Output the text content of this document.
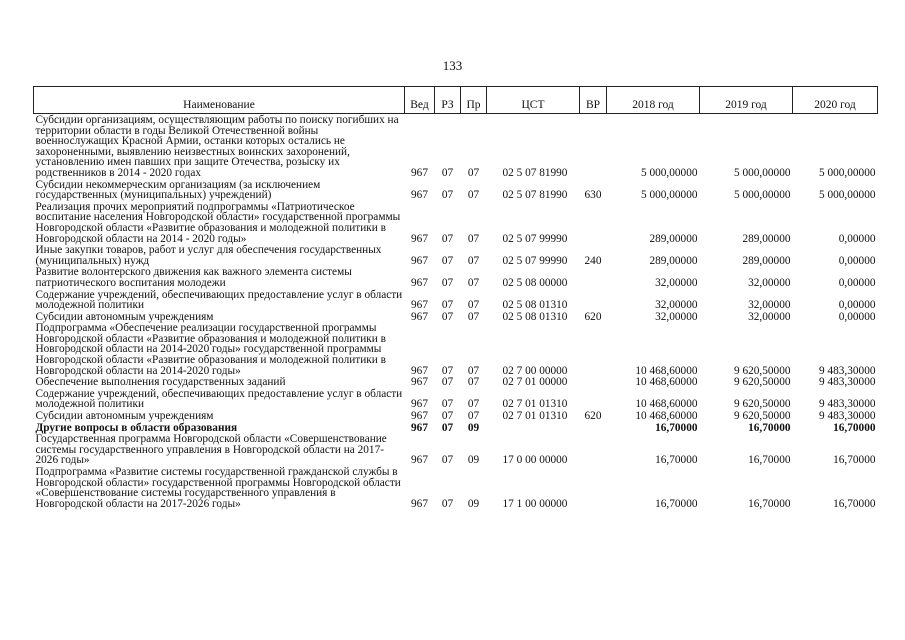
133
Наименование	Вед	РЗ	Пр	ЦСТ	ВР	2018 год	2019 год	2020 год
Субсидии организациям, осуществляющим работы по поиску погибших на территории области в годы Великой Отечественной войны военнослужащих Красной Армии, останки которых остались не захороненными, выявлению неизвестных воинских захоронений, установлению имен павших при защите Отечества, розыску их родственников в 2014 - 2020 годах	967	07	07	02 5 07 81990		5 000,00000	5 000,00000	5 000,00000
Субсидии некоммерческим организациям (за исключением государственных (муниципальных) учреждений)	967	07	07	02 5 07 81990	630	5 000,00000	5 000,00000	5 000,00000
Реализация прочих мероприятий подпрограммы «Патриотическое воспитание населения Новгородской области» государственной программы Новгородской области «Развитие образования и молодежной политики в Новгородской области на 2014 - 2020 годы»	967	07	07	02 5 07 99990		289,00000	289,00000	0,00000
Иные закупки товаров, работ и услуг для обеспечения государственных (муниципальных) нужд	967	07	07	02 5 07 99990	240	289,00000	289,00000	0,00000
Развитие волонтерского движения как важного элемента системы патриотического воспитания молодежи	967	07	07	02 5 08 00000		32,00000	32,00000	0,00000
Содержание учреждений, обеспечивающих предоставление услуг в области молодежной политики	967	07	07	02 5 08 01310		32,00000	32,00000	0,00000
Субсидии автономным учреждениям	967	07	07	02 5 08 01310	620	32,00000	32,00000	0,00000
Подпрограмма «Обеспечение реализации государственной программы Новгородской области «Развитие образования и молодежной политики в Новгородской области на 2014-2020 годы» государственной программы Новгородской области «Развитие образования и молодежной политики в Новгородской области на 2014-2020 годы»	967	07	07	02 7 00 00000		10 468,60000	9 620,50000	9 483,30000
Обеспечение выполнения государственных заданий	967	07	07	02 7 01 00000		10 468,60000	9 620,50000	9 483,30000
Содержание учреждений, обеспечивающих предоставление услуг в области молодежной политики	967	07	07	02 7 01 01310		10 468,60000	9 620,50000	9 483,30000
Субсидии автономным учреждениям	967	07	07	02 7 01 01310	620	10 468,60000	9 620,50000	9 483,30000
Другие вопросы в области образования	967	07	09			16,70000	16,70000	16,70000
Государственная программа Новгородской области «Совершенствование системы государственного управления в Новгородской области на 2017-2026 годы»	967	07	09	17 0 00 00000		16,70000	16,70000	16,70000
Подпрограмма «Развитие системы государственной гражданской службы в Новгородской области» государственной программы Новгородской области «Совершенствование системы государственного управления в Новгородской области на 2017-2026 годы»	967	07	09	17 1 00 00000		16,70000	16,70000	16,70000
